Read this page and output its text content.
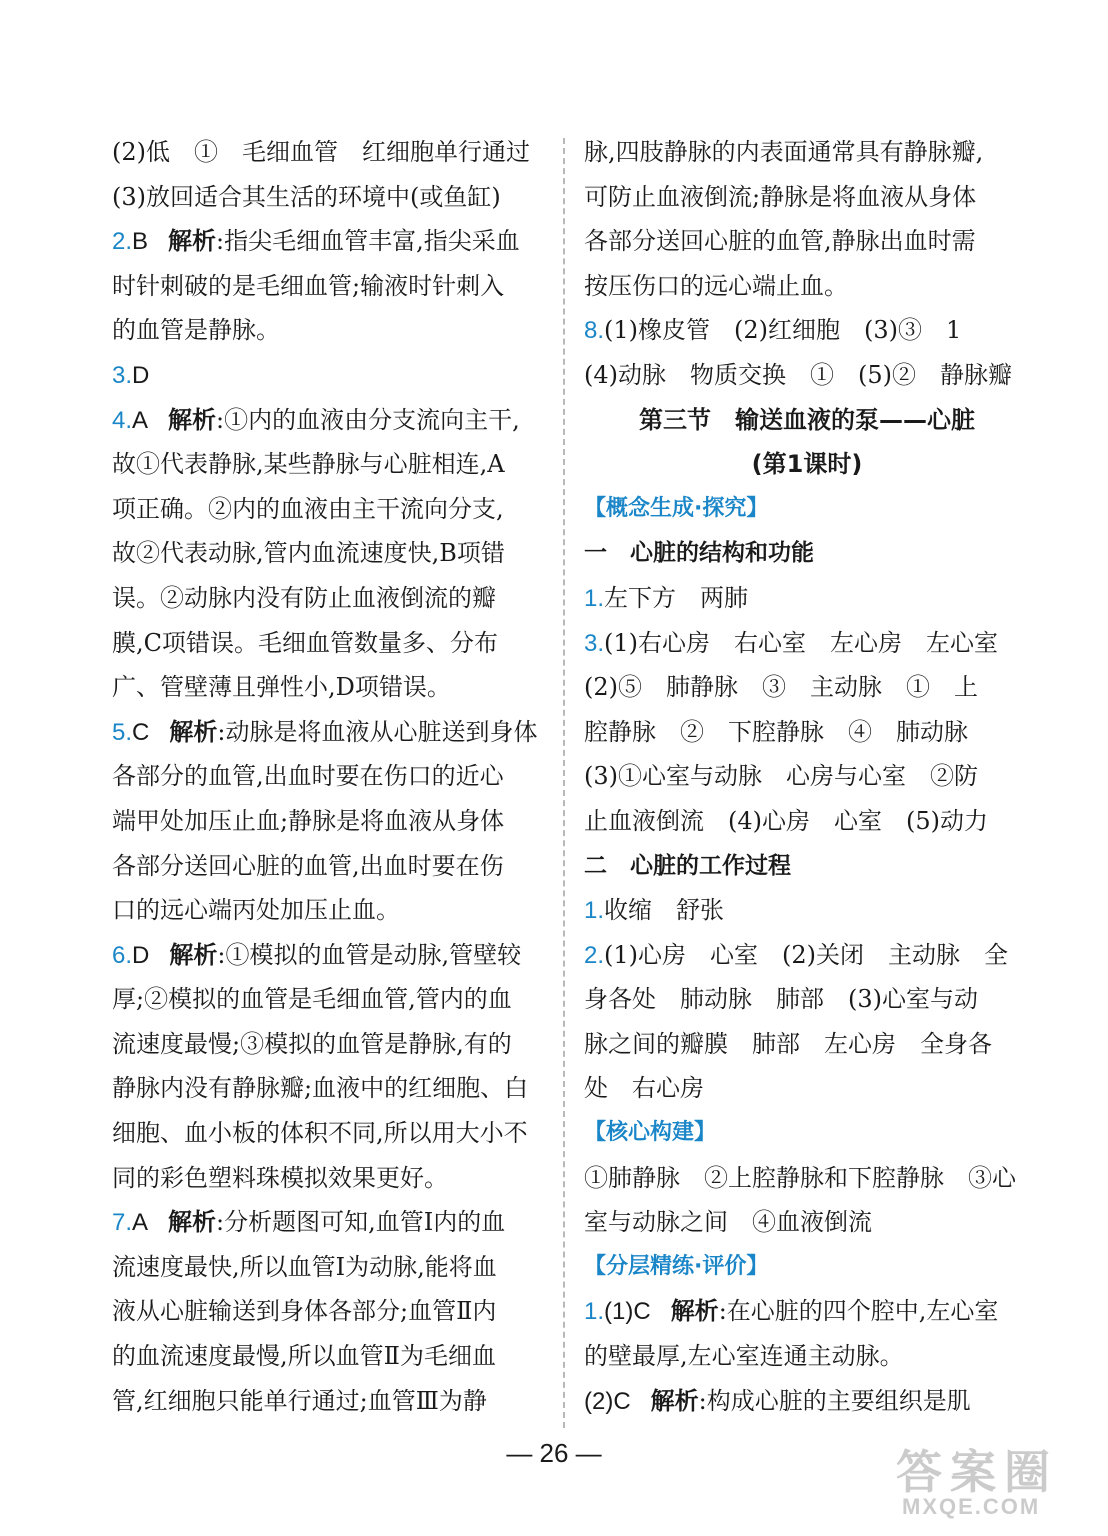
(2)低　①　毛细血管　红细胞单行通过
(3)放回适合其生活的环境中(或鱼缸)
2.B 解析:指尖毛细血管丰富,指尖采血
时针刺破的是毛细血管;输液时针刺入
的血管是静脉。
3.D
4.A 解析:①内的血液由分支流向主干,
故①代表静脉,某些静脉与心脏相连,A
项正确。②内的血液由主干流向分支,
故②代表动脉,管内血流速度快,B项错
误。②动脉内没有防止血液倒流的瓣
膜,C项错误。毛细血管数量多、分布
广、管壁薄且弹性小,D项错误。
5.C 解析:动脉是将血液从心脏送到身体
各部分的血管,出血时要在伤口的近心
端甲处加压止血;静脉是将血液从身体
各部分送回心脏的血管,出血时要在伤
口的远心端丙处加压止血。
6.D 解析:①模拟的血管是动脉,管壁较
厚;②模拟的血管是毛细血管,管内的血
流速度最慢;③模拟的血管是静脉,有的
静脉内没有静脉瓣;血液中的红细胞、白
细胞、血小板的体积不同,所以用大小不
同的彩色塑料珠模拟效果更好。
7.A 解析:分析题图可知,血管Ⅰ内的血
流速度最快,所以血管Ⅰ为动脉,能将血
液从心脏输送到身体各部分;血管Ⅱ内
的血流速度最慢,所以血管Ⅱ为毛细血
管,红细胞只能单行通过;血管Ⅲ为静
脉,四肢静脉的内表面通常具有静脉瓣,
可防止血液倒流;静脉是将血液从身体
各部分送回心脏的血管,静脉出血时需
按压伤口的远心端止血。
8.(1)橡皮管　(2)红细胞　(3)③　1
(4)动脉　物质交换　①　(5)②　静脉瓣
第三节　输送血液的泵——心脏
(第1课时)
【概念生成·探究】
一　心脏的结构和功能
1.左下方　两肺
3.(1)右心房　右心室　左心房　左心室
(2)⑤　肺静脉　③　主动脉　①　上
腔静脉　②　下腔静脉　④　肺动脉
(3)①心室与动脉　心房与心室　②防
止血液倒流　(4)心房　心室　(5)动力
二　心脏的工作过程
1.收缩　舒张
2.(1)心房　心室　(2)关闭　主动脉　全
身各处　肺动脉　肺部　(3)心室与动
脉之间的瓣膜　肺部　左心房　全身各
处　右心房
【核心构建】
①肺静脉　②上腔静脉和下腔静脉　③心
室与动脉之间　④血液倒流
【分层精练·评价】
1.(1)C 解析:在心脏的四个腔中,左心室
的壁最厚,左心室连通主动脉。
(2)C 解析:构成心脏的主要组织是肌
— 26 —	答案圈
MXQE.COM
